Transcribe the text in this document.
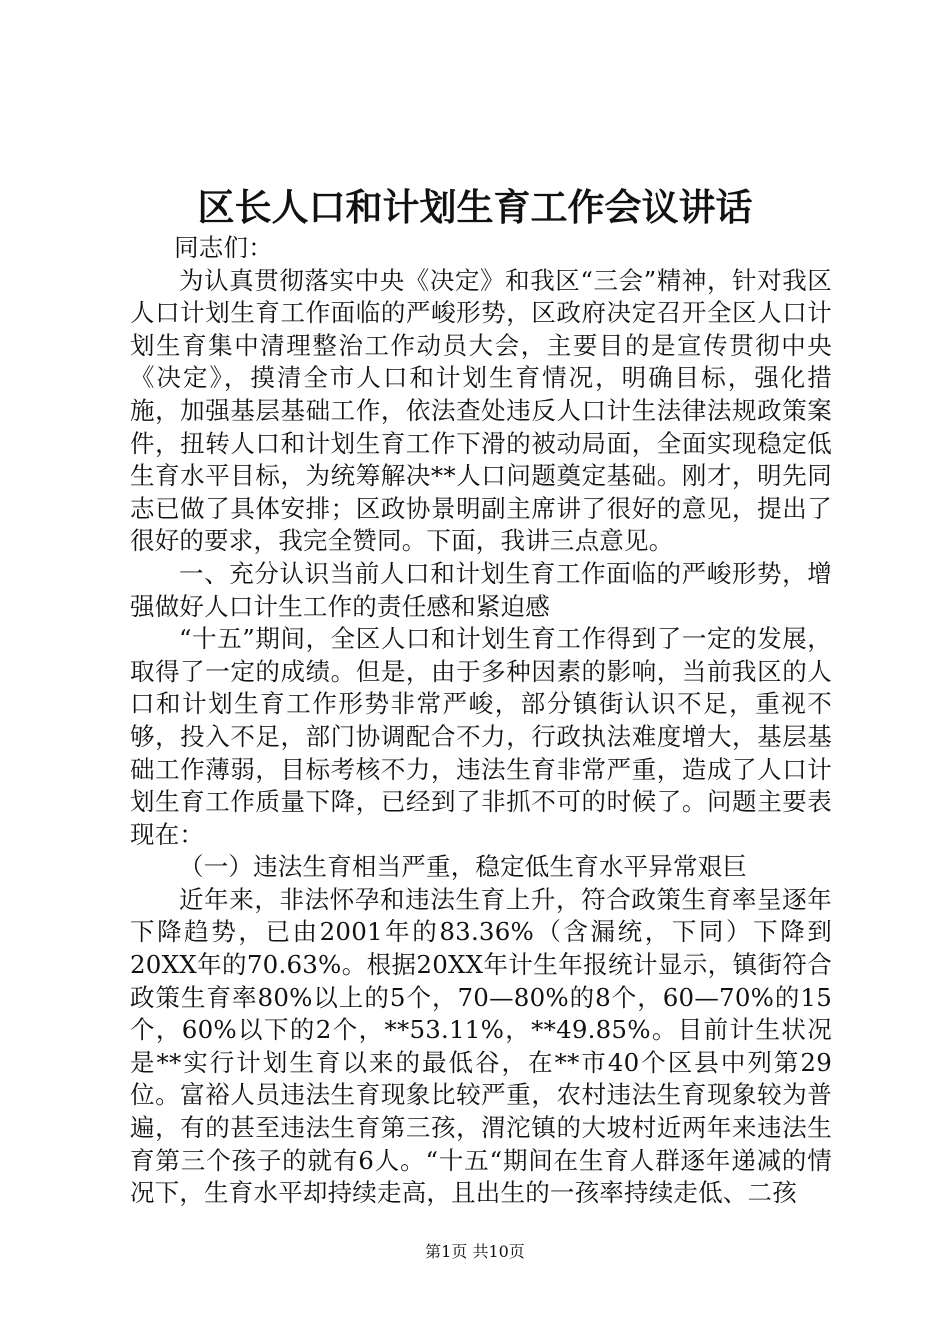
区长人口和计划生育工作会议讲话

同志们：

为认真贯彻落实中央《决定》和我区“三会”精神，针对我区人口计划生育工作面临的严峻形势，区政府决定召开全区人口计划生育集中清理整治工作动员大会，主要目的是宣传贯彻中央《决定》，摸清全市人口和计划生育情况，明确目标，强化措施，加强基层基础工作，依法查处违反人口计生法律法规政策案件，扭转人口和计划生育工作下滑的被动局面，全面实现稳定低生育水平目标，为统筹解决**人口问题奠定基础。刚才，明先同志已做了具体安排；区政协景明副主席讲了很好的意见，提出了很好的要求，我完全赞同。下面，我讲三点意见。

一、充分认识当前人口和计划生育工作面临的严峻形势，增强做好人口计生工作的责任感和紧迫感

“十五”期间，全区人口和计划生育工作得到了一定的发展，取得了一定的成绩。但是，由于多种因素的影响，当前我区的人口和计划生育工作形势非常严峻，部分镇街认识不足，重视不够，投入不足，部门协调配合不力，行政执法难度增大，基层基础工作薄弱，目标考核不力，违法生育非常严重，造成了人口计划生育工作质量下降，已经到了非抓不可的时候了。问题主要表现在：

（一）违法生育相当严重，稳定低生育水平异常艰巨

近年来，非法怀孕和违法生育上升，符合政策生育率呈逐年下降趋势，已由2001年的83.36%（含漏统，下同）下降到20XX年的70.63%。根据20XX年计生年报统计显示，镇街符合政策生育率80%以上的5个，70—80%的8个，60—70%的15个，60%以下的2个，**53.11%，**49.85%。目前计生状况是**实行计划生育以来的最低谷，在**市40个区县中列第29位。富裕人员违法生育现象比较严重，农村违法生育现象较为普遍，有的甚至违法生育第三孩，渭沱镇的大坡村近两年来违法生育第三个孩子的就有6人。“十五“期间在生育人群逐年递减的情况下，生育水平却持续走高，且出生的一孩率持续走低、二孩

第1页 共10页
